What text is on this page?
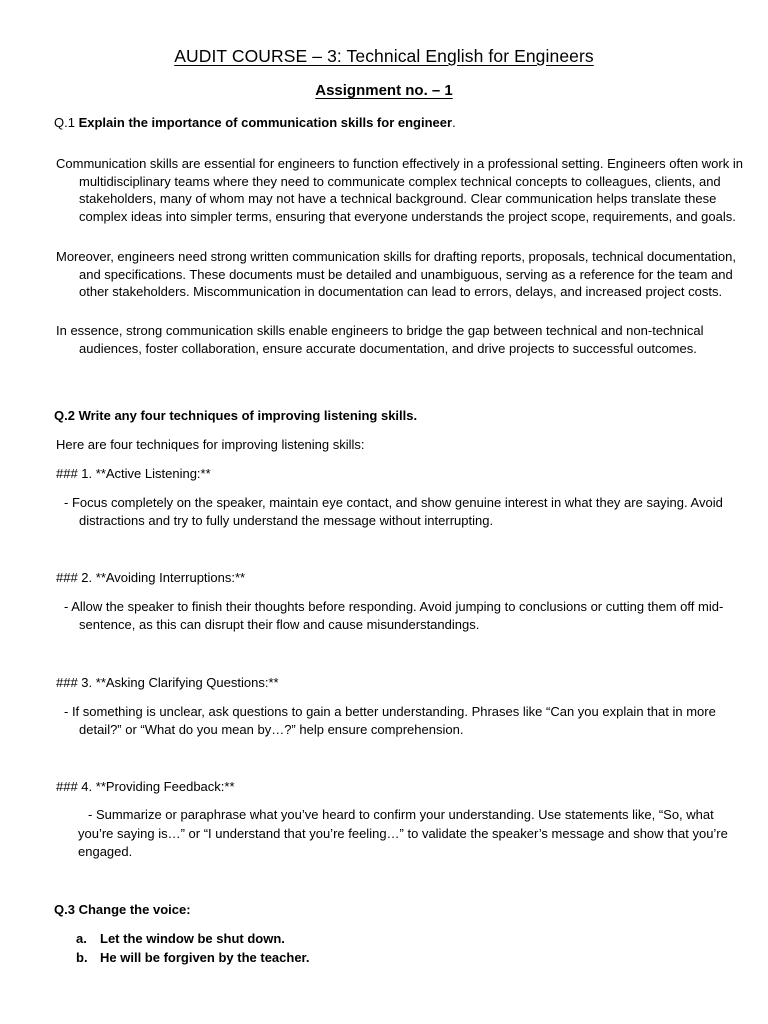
AUDIT COURSE – 3: Technical English for Engineers
Assignment no. – 1
Q.1 Explain the importance of communication skills for engineer.

Communication skills are essential for engineers to function effectively in a professional setting. Engineers often work in multidisciplinary teams where they need to communicate complex technical concepts to colleagues, clients, and stakeholders, many of whom may not have a technical background. Clear communication helps translate these complex ideas into simpler terms, ensuring that everyone understands the project scope, requirements, and goals.

Moreover, engineers need strong written communication skills for drafting reports, proposals, technical documentation, and specifications. These documents must be detailed and unambiguous, serving as a reference for the team and other stakeholders. Miscommunication in documentation can lead to errors, delays, and increased project costs.

In essence, strong communication skills enable engineers to bridge the gap between technical and non-technical audiences, foster collaboration, ensure accurate documentation, and drive projects to successful outcomes.

Q.2 Write any four techniques of improving listening skills.

Here are four techniques for improving listening skills:

### 1. **Active Listening:**

- Focus completely on the speaker, maintain eye contact, and show genuine interest in what they are saying. Avoid distractions and try to fully understand the message without interrupting.

### 2. **Avoiding Interruptions:**

- Allow the speaker to finish their thoughts before responding. Avoid jumping to conclusions or cutting them off mid-sentence, as this can disrupt their flow and cause misunderstandings.

### 3. **Asking Clarifying Questions:**

- If something is unclear, ask questions to gain a better understanding. Phrases like “Can you explain that in more detail?” or “What do you mean by…?” help ensure comprehension.

### 4. **Providing Feedback:**

- Summarize or paraphrase what you’ve heard to confirm your understanding. Use statements like, “So, what you’re saying is…” or “I understand that you’re feeling…” to validate the speaker’s message and show that you’re engaged.

Q.3 Change the voice:

a. Let the window be shut down.

b. He will be forgiven by the teacher.
